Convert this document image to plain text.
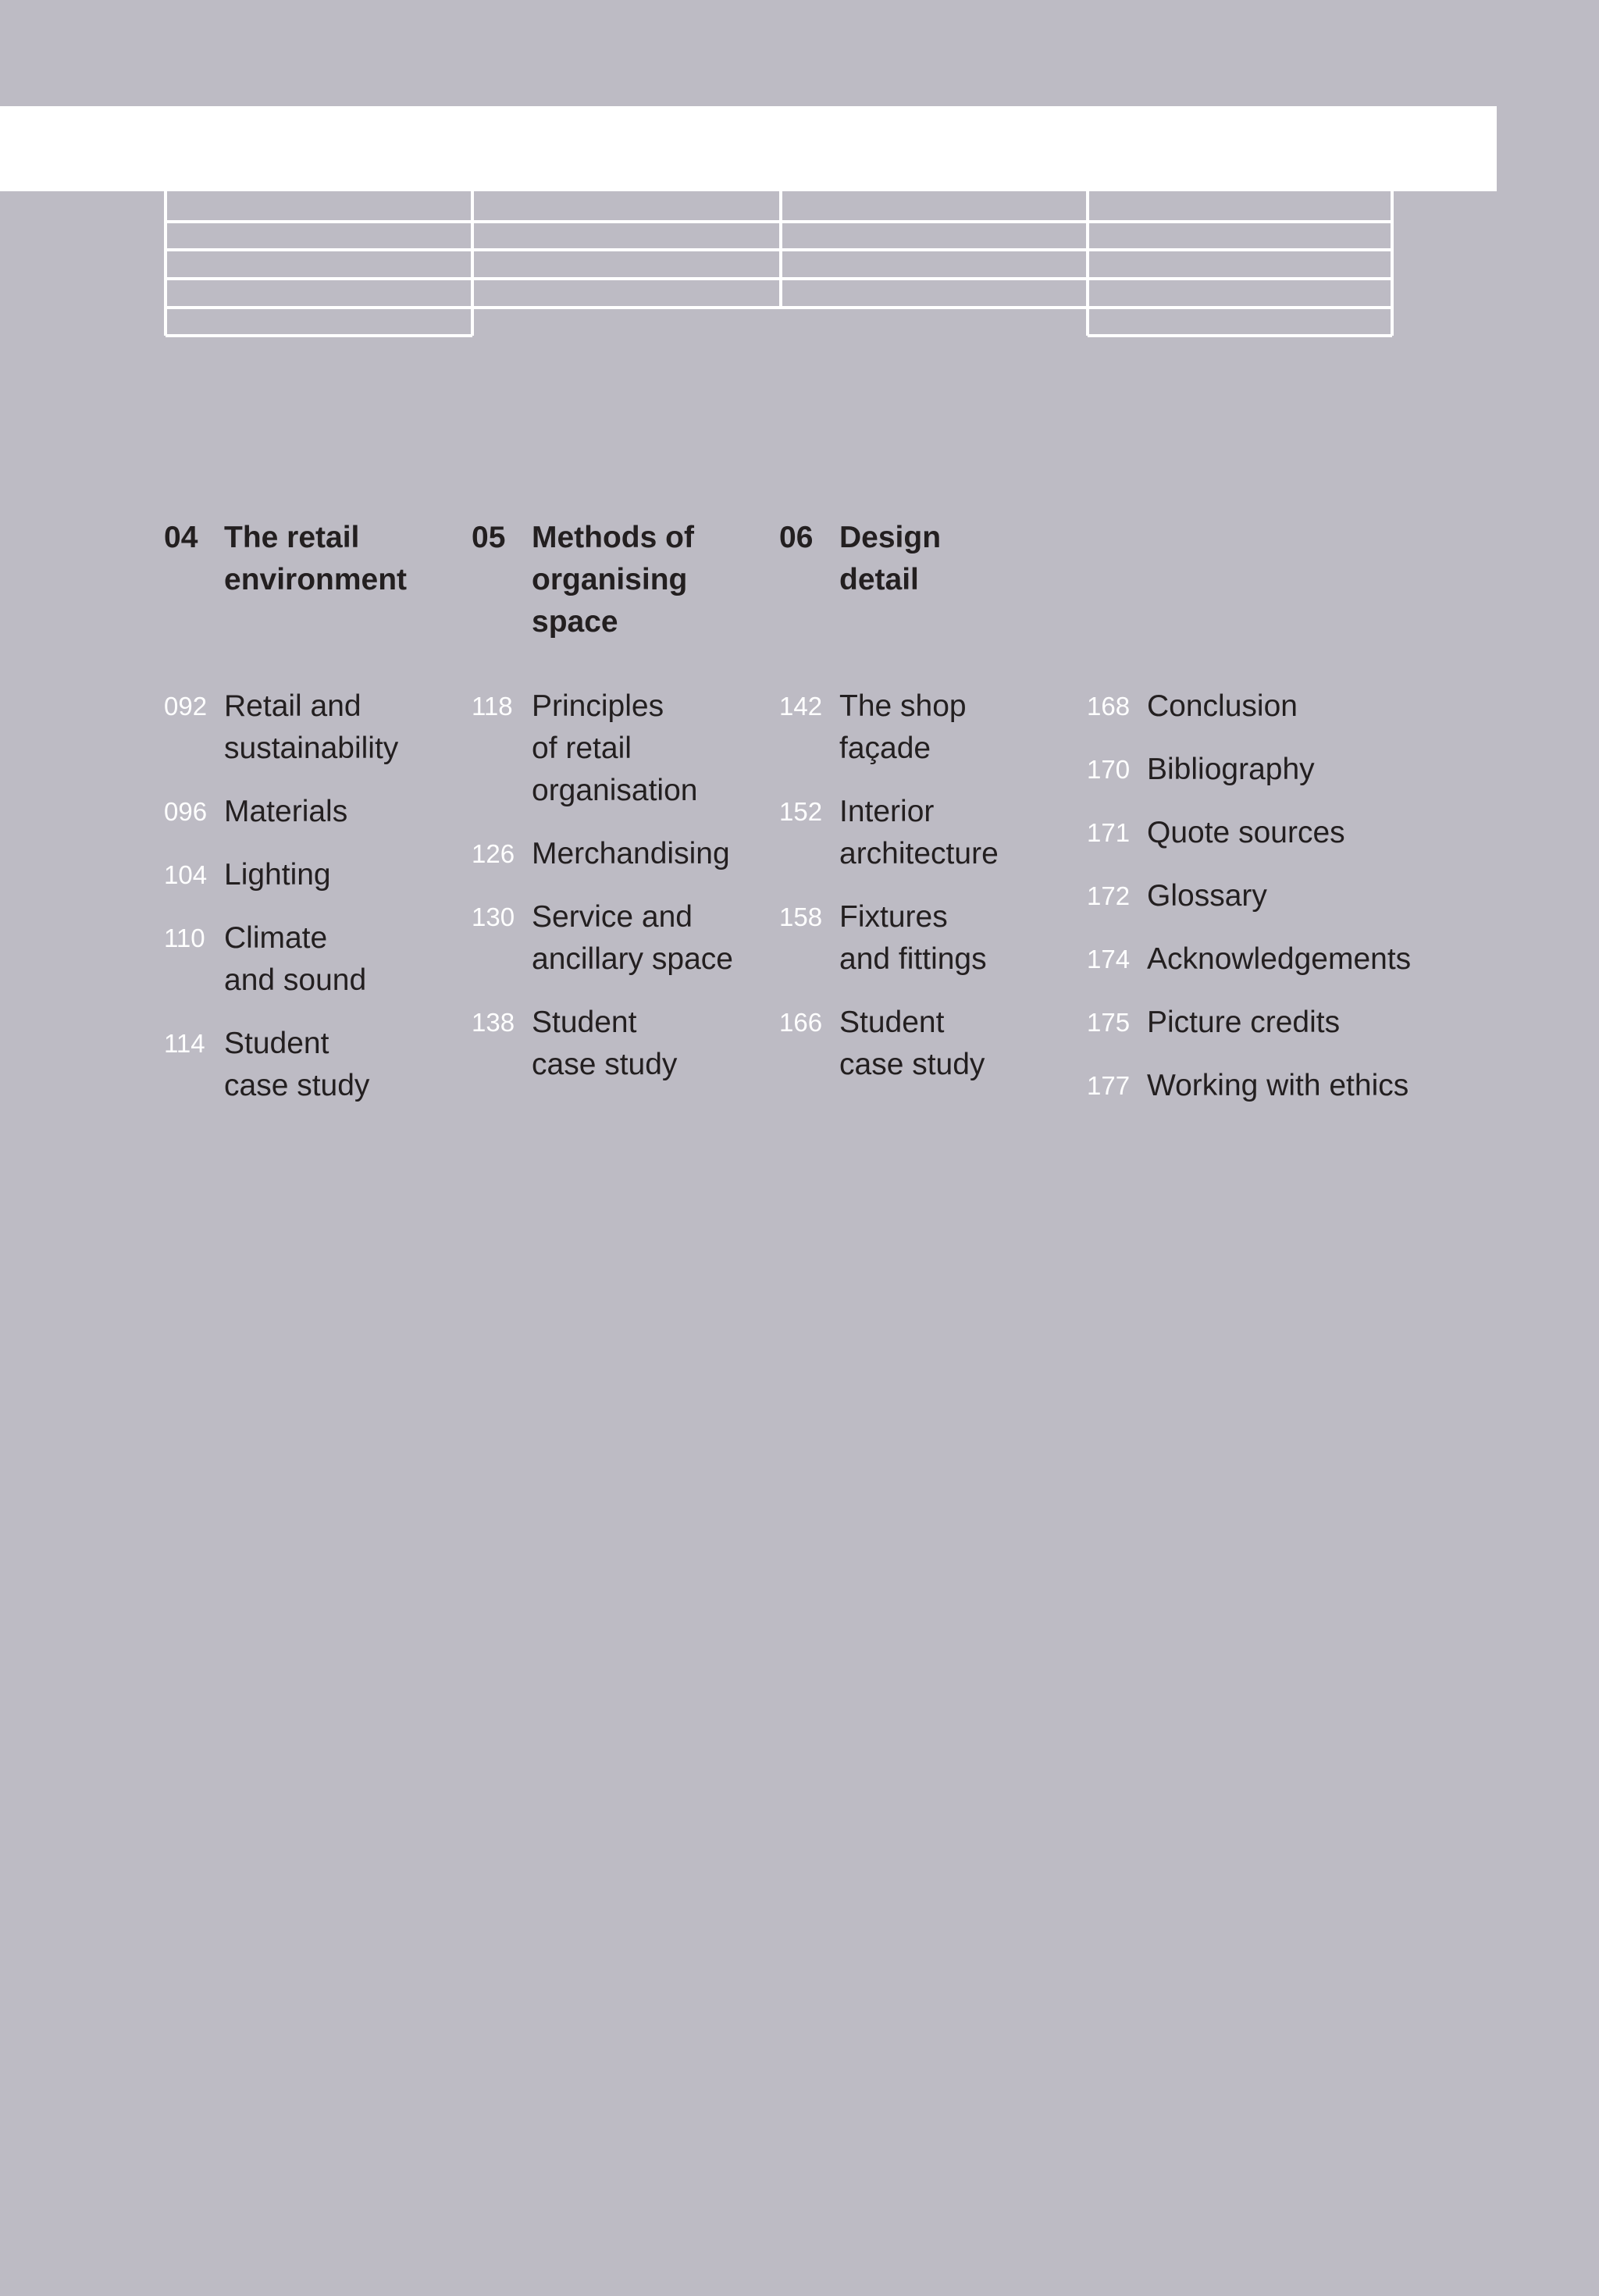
04 The retail
environment
092 Retail and
sustainability
096 Materials
104 Lighting
110 Climate
and sound
114 Student
case study
05 Methods of
organising
space
118 Principles
of retail
organisation
126 Merchandising
130 Service and
ancillary space
138 Student
case study
06 Design
detail
142 The shop
façade
152 Interior
architecture
158 Fixtures
and fittings
166 Student
case study
168 Conclusion
170 Bibliography
171 Quote sources
172 Glossary
174 Acknowledgements
175 Picture credits
177 Working with ethics
